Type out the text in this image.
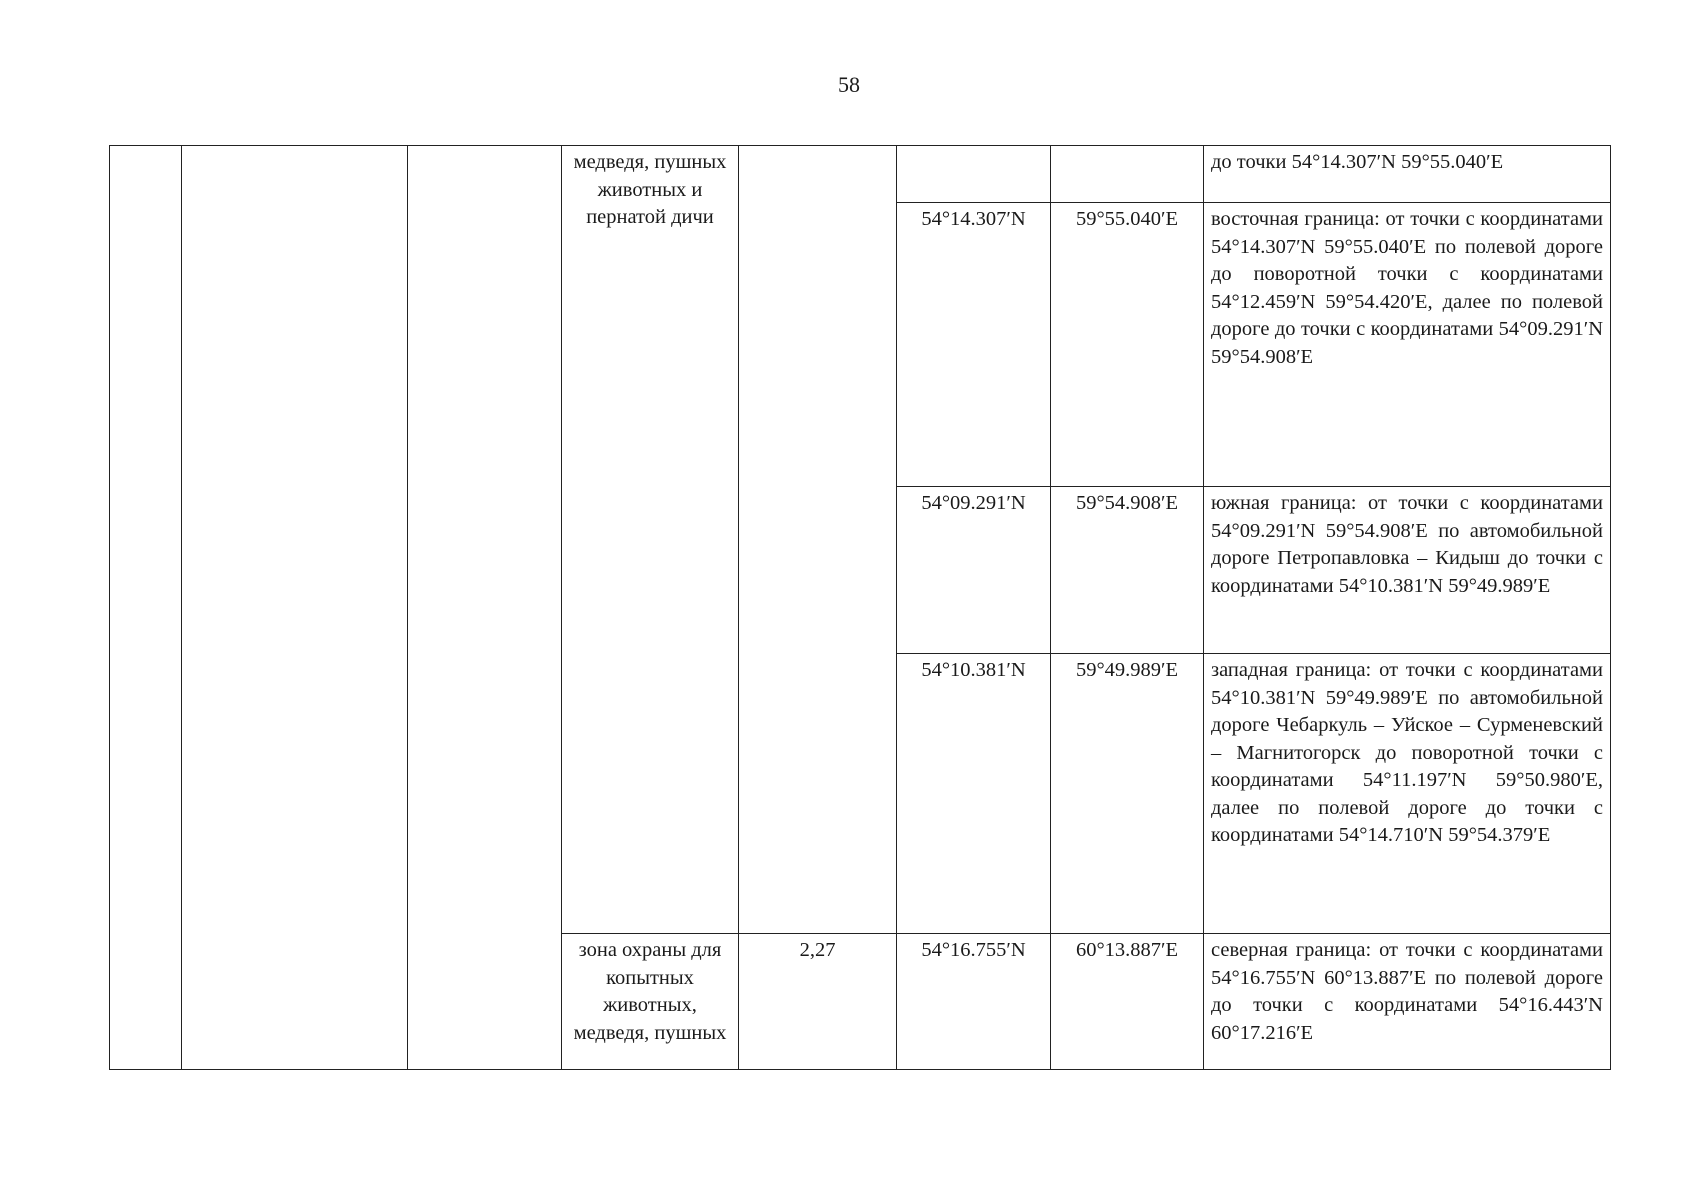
58
			медведя, пушных животных и пернатой дичи				до точки 54°14.307′N 59°55.040′E
					54°14.307′N	59°55.040′E	восточная граница: от точки с координатами 54°14.307′N 59°55.040′E по полевой дороге до поворотной точки с координатами 54°12.459′N 59°54.420′E, далее по полевой дороге до точки с координатами 54°09.291′N 59°54.908′E
					54°09.291′N	59°54.908′E	южная граница: от точки с координатами 54°09.291′N 59°54.908′E по автомобильной дороге Петропавловка – Кидыш до точки с координатами 54°10.381′N 59°49.989′E
					54°10.381′N	59°49.989′E	западная граница: от точки с координатами 54°10.381′N 59°49.989′E по автомобильной дороге Чебаркуль – Уйское – Сурменевский – Магнитогорск до поворотной точки с координатами 54°11.197′N 59°50.980′E, далее по полевой дороге до точки с координатами 54°14.710′N 59°54.379′E
			зона охраны для копытных животных, медведя, пушных	2,27	54°16.755′N	60°13.887′E	северная граница: от точки с координатами 54°16.755′N 60°13.887′E по полевой дороге до точки с координатами 54°16.443′N 60°17.216′E
